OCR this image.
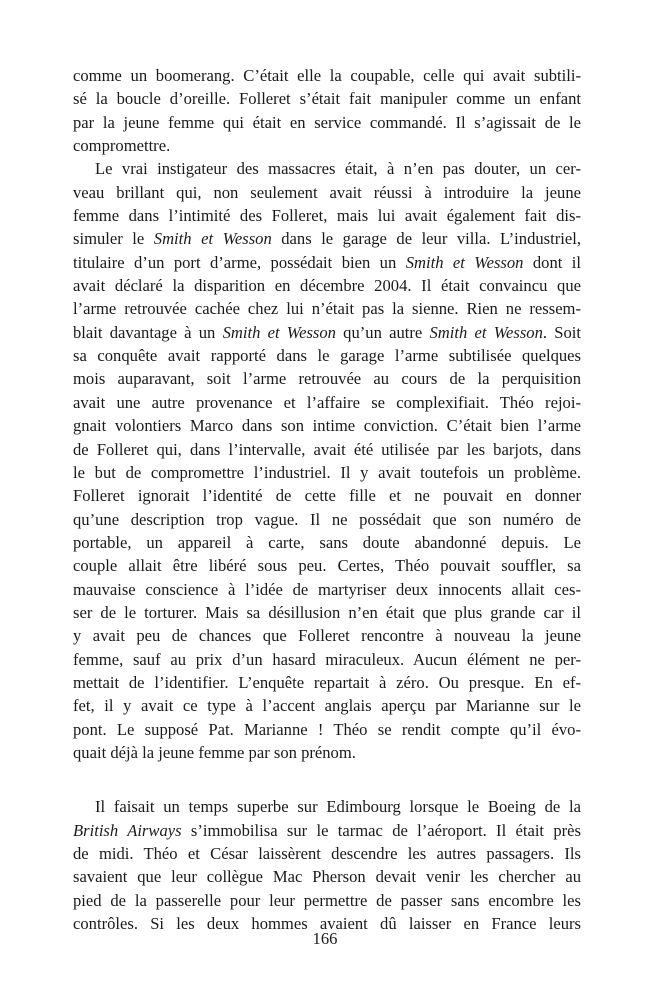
comme un boomerang. C’était elle la coupable, celle qui avait subtili-
sé la boucle d’oreille. Folleret s’était fait manipuler comme un enfant
par la jeune femme qui était en service commandé. Il s’agissait de le
compromettre.
Le vrai instigateur des massacres était, à n’en pas douter, un cer-
veau brillant qui, non seulement avait réussi à introduire la jeune
femme dans l’intimité des Folleret, mais lui avait également fait dis-
simuler le Smith et Wesson dans le garage de leur villa. L’industriel,
titulaire d’un port d’arme, possédait bien un Smith et Wesson dont il
avait déclaré la disparition en décembre 2004. Il était convaincu que
l’arme retrouvée cachée chez lui n’était pas la sienne. Rien ne ressem-
blait davantage à un Smith et Wesson qu’un autre Smith et Wesson. Soit
sa conquête avait rapporté dans le garage l’arme subtilisée quelques
mois auparavant, soit l’arme retrouvée au cours de la perquisition
avait une autre provenance et l’affaire se complexifiait. Théo rejoi-
gnait volontiers Marco dans son intime conviction. C’était bien l’arme
de Folleret qui, dans l’intervalle, avait été utilisée par les barjots, dans
le but de compromettre l’industriel. Il y avait toutefois un problème.
Folleret ignorait l’identité de cette fille et ne pouvait en donner
qu’une description trop vague. Il ne possédait que son numéro de
portable, un appareil à carte, sans doute abandonné depuis. Le
couple allait être libéré sous peu. Certes, Théo pouvait souffler, sa
mauvaise conscience à l’idée de martyriser deux innocents allait ces-
ser de le torturer. Mais sa désillusion n’en était que plus grande car il
y avait peu de chances que Folleret rencontre à nouveau la jeune
femme, sauf au prix d’un hasard miraculeux. Aucun élément ne per-
mettait de l’identifier. L’enquête repartait à zéro. Ou presque. En ef-
fet, il y avait ce type à l’accent anglais aperçu par Marianne sur le
pont. Le supposé Pat. Marianne ! Théo se rendit compte qu’il évo-
quait déjà la jeune femme par son prénom.
Il faisait un temps superbe sur Edimbourg lorsque le Boeing de la
British Airways s’immobilisa sur le tarmac de l’aéroport. Il était près
de midi. Théo et César laissèrent descendre les autres passagers. Ils
savaient que leur collègue Mac Pherson devait venir les chercher au
pied de la passerelle pour leur permettre de passer sans encombre les
contrôles. Si les deux hommes avaient dû laisser en France leurs
166
